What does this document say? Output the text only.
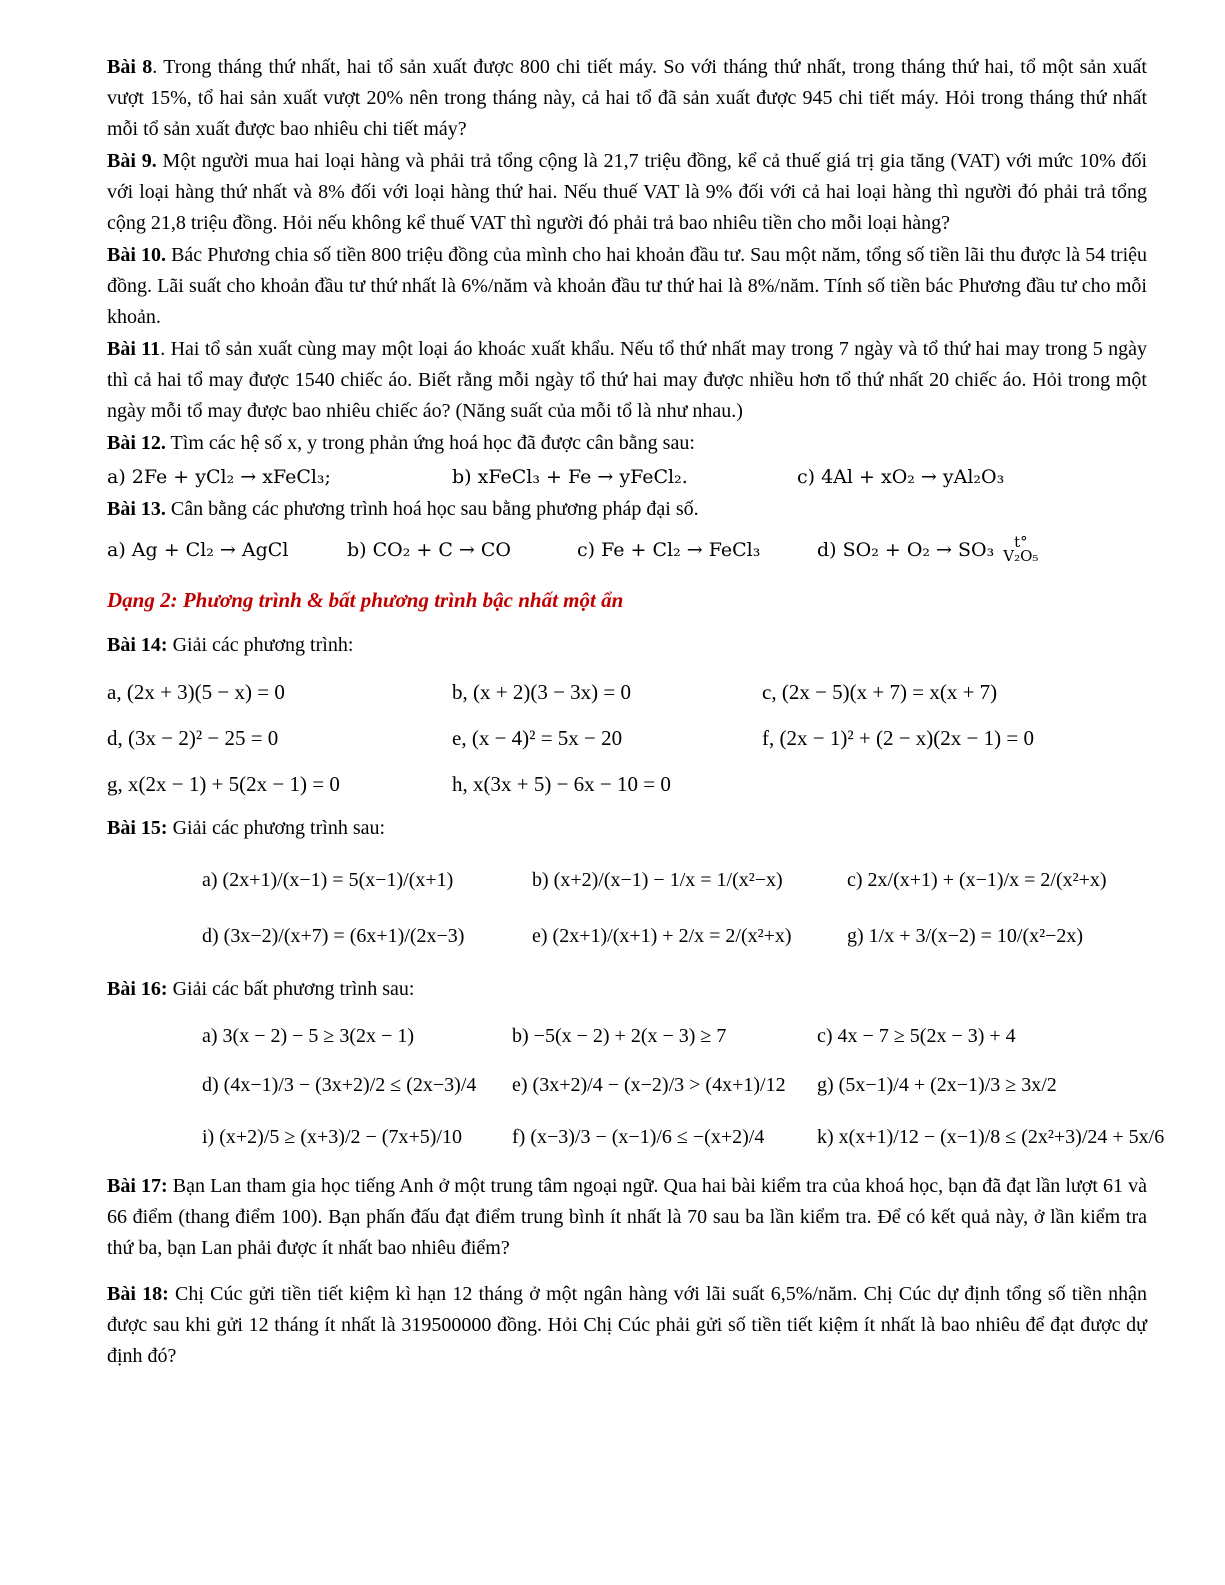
Bài 8. Trong tháng thứ nhất, hai tổ sản xuất được 800 chi tiết máy. So với tháng thứ nhất, trong tháng thứ hai, tổ một sản xuất vượt 15%, tổ hai sản xuất vượt 20% nên trong tháng này, cả hai tổ đã sản xuất được 945 chi tiết máy. Hỏi trong tháng thứ nhất mỗi tổ sản xuất được bao nhiêu chi tiết máy?

Bài 9. Một người mua hai loại hàng và phải trả tổng cộng là 21,7 triệu đồng, kể cả thuế giá trị gia tăng (VAT) với mức 10% đối với loại hàng thứ nhất và 8% đối với loại hàng thứ hai. Nếu thuế VAT là 9% đối với cả hai loại hàng thì người đó phải trả tổng cộng 21,8 triệu đồng. Hỏi nếu không kể thuế VAT thì người đó phải trả bao nhiêu tiền cho mỗi loại hàng?

Bài 10. Bác Phương chia số tiền 800 triệu đồng của mình cho hai khoản đầu tư. Sau một năm, tổng số tiền lãi thu được là 54 triệu đồng. Lãi suất cho khoản đầu tư thứ nhất là 6%/năm và khoản đầu tư thứ hai là 8%/năm. Tính số tiền bác Phương đầu tư cho mỗi khoản.

Bài 11. Hai tổ sản xuất cùng may một loại áo khoác xuất khẩu. Nếu tổ thứ nhất may trong 7 ngày và tổ thứ hai may trong 5 ngày thì cả hai tổ may được 1540 chiếc áo. Biết rằng mỗi ngày tổ thứ hai may được nhiều hơn tổ thứ nhất 20 chiếc áo. Hỏi trong một ngày mỗi tổ may được bao nhiêu chiếc áo? (Năng suất của mỗi tổ là như nhau.)

Bài 12. Tìm các hệ số x, y trong phản ứng hoá học đã được cân bằng sau:

a) 2Fe + yCl₂ → xFeCl₃;	b) xFeCl₃ + Fe → yFeCl₂.	c) 4Al + xO₂ → yAl₂O₃

Bài 13. Cân bằng các phương trình hoá học sau bằng phương pháp đại số.

a) Ag + Cl₂ → AgCl	b) CO₂ + C → CO	c) Fe + Cl₂ → FeCl₃	d) SO₂ + O₂ → SO₃ t°
V₂O₅
Dạng 2: Phương trình & bất phương trình bậc nhất một ẩn

Bài 14: Giải các phương trình:

a, (2x + 3)(5 − x) = 0	b, (x + 2)(3 − 3x) = 0	c, (2x − 5)(x + 7) = x(x + 7)
d, (3x − 2)² − 25 = 0	e, (x − 4)² = 5x − 20	f, (2x − 1)² + (2 − x)(2x − 1) = 0
g, x(2x − 1) + 5(2x − 1) = 0	h, x(3x + 5) − 6x − 10 = 0

Bài 15: Giải các phương trình sau:

a) (2x+1)/(x−1) = 5(x−1)/(x+1)	b) (x+2)/(x−1) − 1/x = 1/(x²−x)	c) 2x/(x+1) + (x−1)/x = 2/(x²+x)
d) (3x−2)/(x+7) = (6x+1)/(2x−3)	e) (2x+1)/(x+1) + 2/x = 2/(x²+x)	g) 1/x + 3/(x−2) = 10/(x²−2x)

Bài 16: Giải các bất phương trình sau:

a) 3(x − 2) − 5 ≥ 3(2x − 1)	b) −5(x − 2) + 2(x − 3) ≥ 7	c) 4x − 7 ≥ 5(2x − 3) + 4
d) (4x−1)/3 − (3x+2)/2 ≤ (2x−3)/4 e) (3x+2)/4 − (x−2)/3 > (4x+1)/12 g) (5x−1)/4 + (2x−1)/3 ≥ 3x/2
i) (x+2)/5 ≥ (x+3)/2 − (7x+5)/10	f) (x−3)/3 − (x−1)/6 ≤ −(x+2)/4	k) x(x+1)/12 − (x−1)/8 ≤ (2x²+3)/24 + 5x/6

Bài 17: Bạn Lan tham gia học tiếng Anh ở một trung tâm ngoại ngữ. Qua hai bài kiểm tra của khoá học, bạn đã đạt lần lượt 61 và 66 điểm (thang điểm 100). Bạn phấn đấu đạt điểm trung bình ít nhất là 70 sau ba lần kiểm tra. Để có kết quả này, ở lần kiểm tra thứ ba, bạn Lan phải được ít nhất bao nhiêu điểm?

Bài 18: Chị Cúc gửi tiền tiết kiệm kì hạn 12 tháng ở một ngân hàng với lãi suất 6,5%/năm. Chị Cúc dự định tổng số tiền nhận được sau khi gửi 12 tháng ít nhất là 319500000 đồng. Hỏi Chị Cúc phải gửi số tiền tiết kiệm ít nhất là bao nhiêu để đạt được dự định đó?
